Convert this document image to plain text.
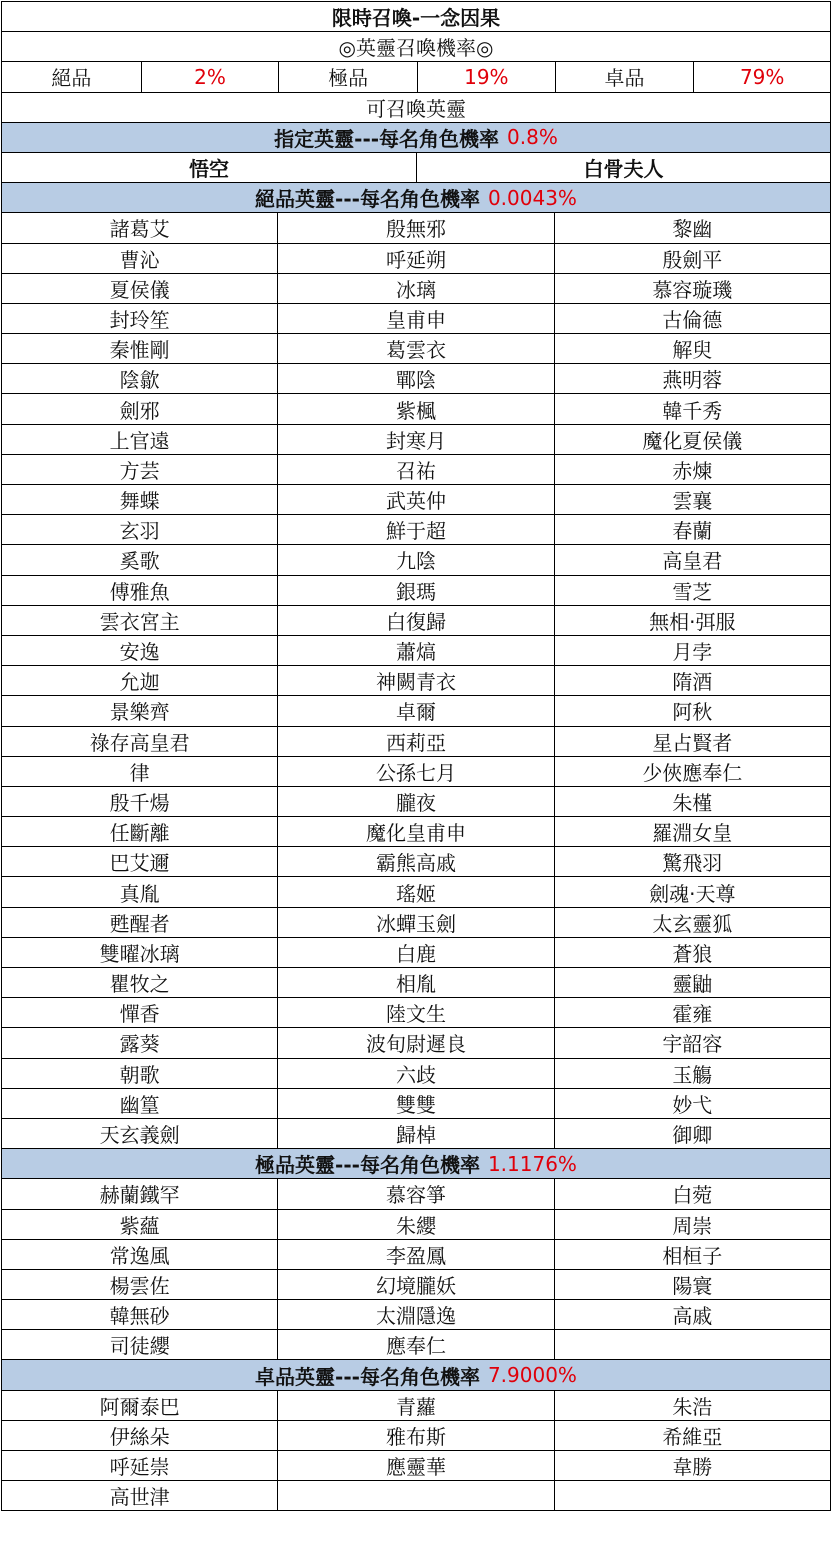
限時召喚-一念因果
◎英靈召喚機率◎
絕品	2%	極品	19%	卓品	79%
可召喚英靈
指定英靈---每名角色機率 0.8%
悟空	白骨夫人
絕品英靈---每名角色機率 0.0043%
諸葛艾	殷無邪	黎幽
曹沁	呼延朔	殷劍平
夏侯儀	冰璃	慕容璇璣
封玲笙	皇甫申	古倫德
秦惟剛	葛雲衣	解臾
陰歙	鄲陰	燕明蓉
劍邪	紫楓	韓千秀
上官遠	封寒月	魔化夏侯儀
方芸	召祐	赤煉
舞蝶	武英仲	雲襄
玄羽	鮮于超	春蘭
奚歌	九陰	高皇君
傅雅魚	銀瑪	雪芝
雲衣宮主	白復歸	無相·弭服
安逸	蕭熇	月孛
允迦	神闕青衣	隋酒
景樂齊	卓爾	阿秋
祿存高皇君	西莉亞	星占賢者
律	公孫七月	少俠應奉仁
殷千煬	朧夜	朱槿
任斷離	魔化皇甫申	羅淵女皇
巴艾邇	霸熊高戚	驚飛羽
真胤	瑤姬	劍魂·天尊
甦醒者	冰蟬玉劍	太玄靈狐
雙曜冰璃	白鹿	蒼狼
瞿牧之	相胤	靈鼬
憚香	陸文生	霍雍
露葵	波旬尉遲良	宇韶容
朝歌	六歧	玉觴
幽篁	雙雙	妙弋
天玄義劍	歸棹	御卿
極品英靈---每名角色機率 1.1176%
赫蘭鐵罕	慕容箏	白菀
紫蘊	朱纓	周崇
常逸風	李盈鳳	相桓子
楊雲佐	幻境朧妖	陽寰
韓無砂	太淵隱逸	高戚
司徒纓	應奉仁
卓品英靈---每名角色機率 7.9000%
阿爾泰巴	青蘿	朱浩
伊絲朵	雅布斯	希維亞
呼延崇	應靈華	韋勝
高世津
